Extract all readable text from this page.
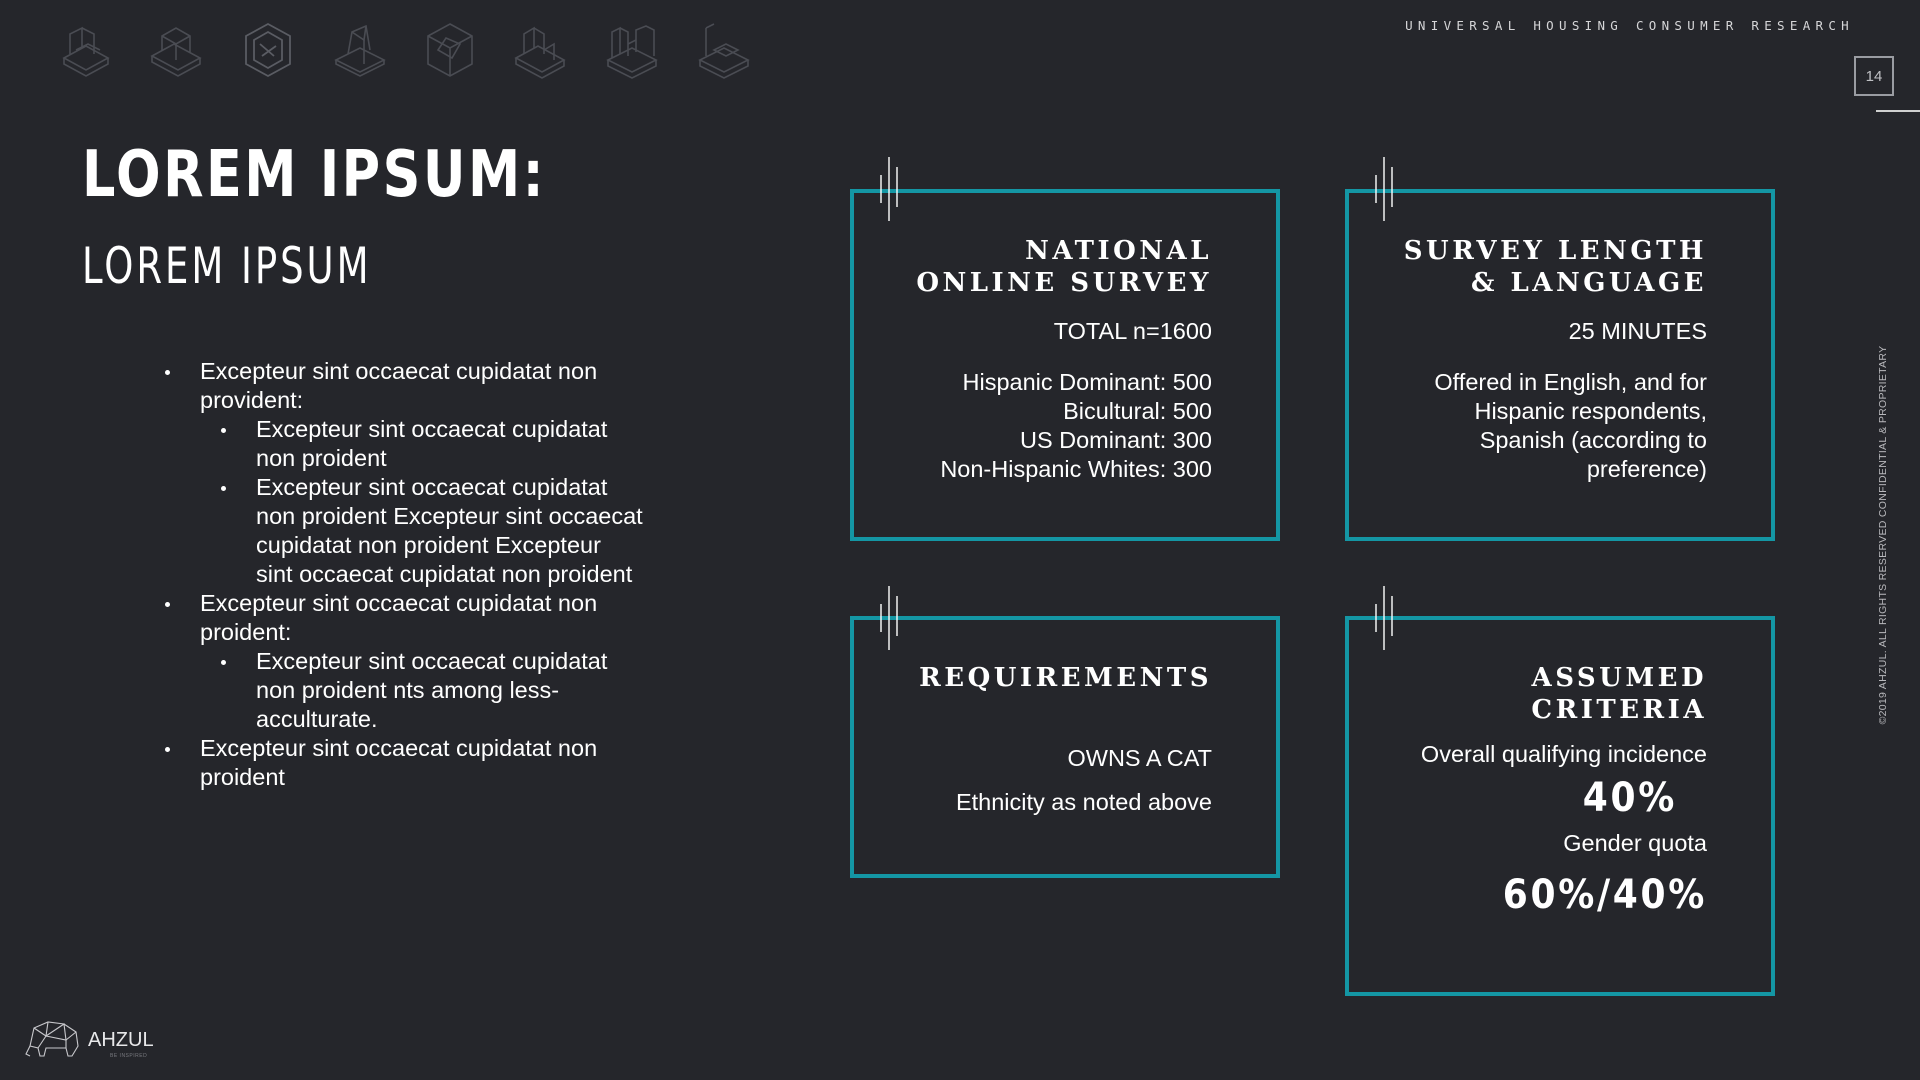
UNIVERSAL HOUSING CONSUMER RESEARCH
14
©2019 AHZUL. ALL RIGHTS RESERVED CONFIDENTIAL & PROPRIETARY
LOREM IPSUM:
LOREM IPSUM
Excepteur sint occaecat cupidatat non provident:
Excepteur sint occaecat cupidatat non proident
Excepteur sint occaecat cupidatat non proident Excepteur sint occaecat cupidatat non proident Excepteur sint occaecat cupidatat non proident
Excepteur sint occaecat cupidatat non proident:
Excepteur sint occaecat cupidatat non proident nts among less-acculturate.
Excepteur sint occaecat cupidatat non proident
NATIONAL
ONLINE SURVEY
TOTAL n=1600
Hispanic Dominant: 500
Bicultural: 500
US Dominant: 300
Non-Hispanic Whites: 300
SURVEY LENGTH
& LANGUAGE
25 MINUTES
Offered in English, and for
Hispanic respondents,
Spanish (according to
preference)
REQUIREMENTS
OWNS A CAT
Ethnicity as noted above
ASSUMED
CRITERIA
Overall qualifying incidence
40%
Gender quota
60%/40%
AHZUL
BE INSPIRED
